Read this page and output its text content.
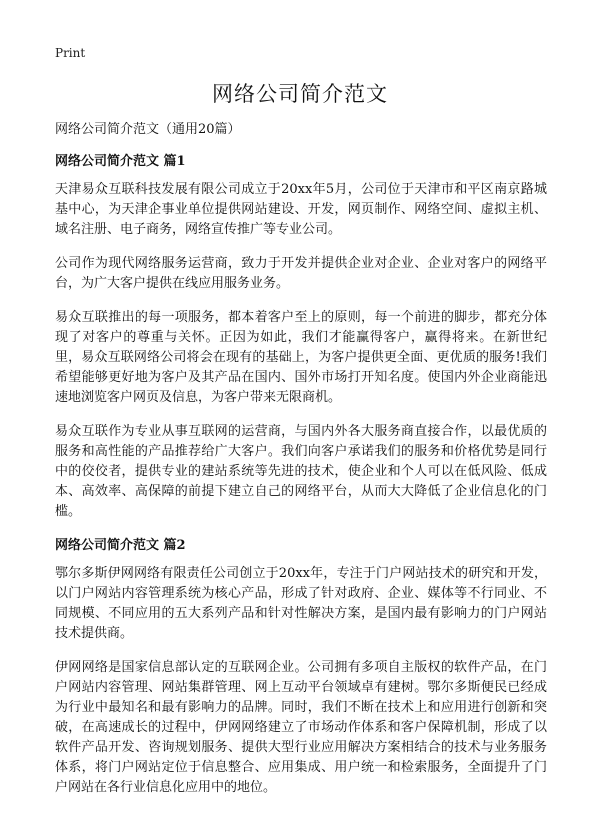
Print
网络公司简介范文

网络公司简介范文（通用20篇）

网络公司简介范文 篇1

天津易众互联科技发展有限公司成立于20xx年5月，公司位于天津市和平区南京路城基中心，为天津企事业单位提供网站建设、开发，网页制作、网络空间、虚拟主机、域名注册、电子商务，网络宣传推广等专业公司。

公司作为现代网络服务运营商，致力于开发并提供企业对企业、企业对客户的网络平台，为广大客户提供在线应用服务业务。

易众互联推出的每一项服务，都本着客户至上的原则，每一个前进的脚步，都充分体现了对客户的尊重与关怀。正因为如此，我们才能赢得客户，赢得将来。在新世纪里，易众互联网络公司将会在现有的基础上，为客户提供更全面、更优质的服务!我们希望能够更好地为客户及其产品在国内、国外市场打开知名度。使国内外企业商能迅速地浏览客户网页及信息，为客户带来无限商机。

易众互联作为专业从事互联网的运营商，与国内外各大服务商直接合作，以最优质的服务和高性能的产品推荐给广大客户。我们向客户承诺我们的服务和价格优势是同行中的佼佼者，提供专业的建站系统等先进的技术，使企业和个人可以在低风险、低成本、高效率、高保障的前提下建立自己的网络平台，从而大大降低了企业信息化的门槛。

网络公司简介范文 篇2

鄂尔多斯伊网网络有限责任公司创立于20xx年，专注于门户网站技术的研究和开发，以门户网站内容管理系统为核心产品，形成了针对政府、企业、媒体等不行同业、不同规模、不同应用的五大系列产品和针对性解决方案，是国内最有影响力的门户网站技术提供商。

伊网网络是国家信息部认定的互联网企业。公司拥有多项自主版权的软件产品，在门户网站内容管理、网站集群管理、网上互动平台领域卓有建树。鄂尔多斯便民已经成为行业中最知名和最有影响力的品牌。同时，我们不断在技术上和应用进行创新和突破，在高速成长的过程中，伊网网络建立了市场动作体系和客户保障机制，形成了以软件产品开发、咨询规划服务、提供大型行业应用解决方案相结合的技术与业务服务体系，将门户网站定位于信息整合、应用集成、用户统一和检索服务，全面提升了门户网站在各行业信息化应用中的地位。
